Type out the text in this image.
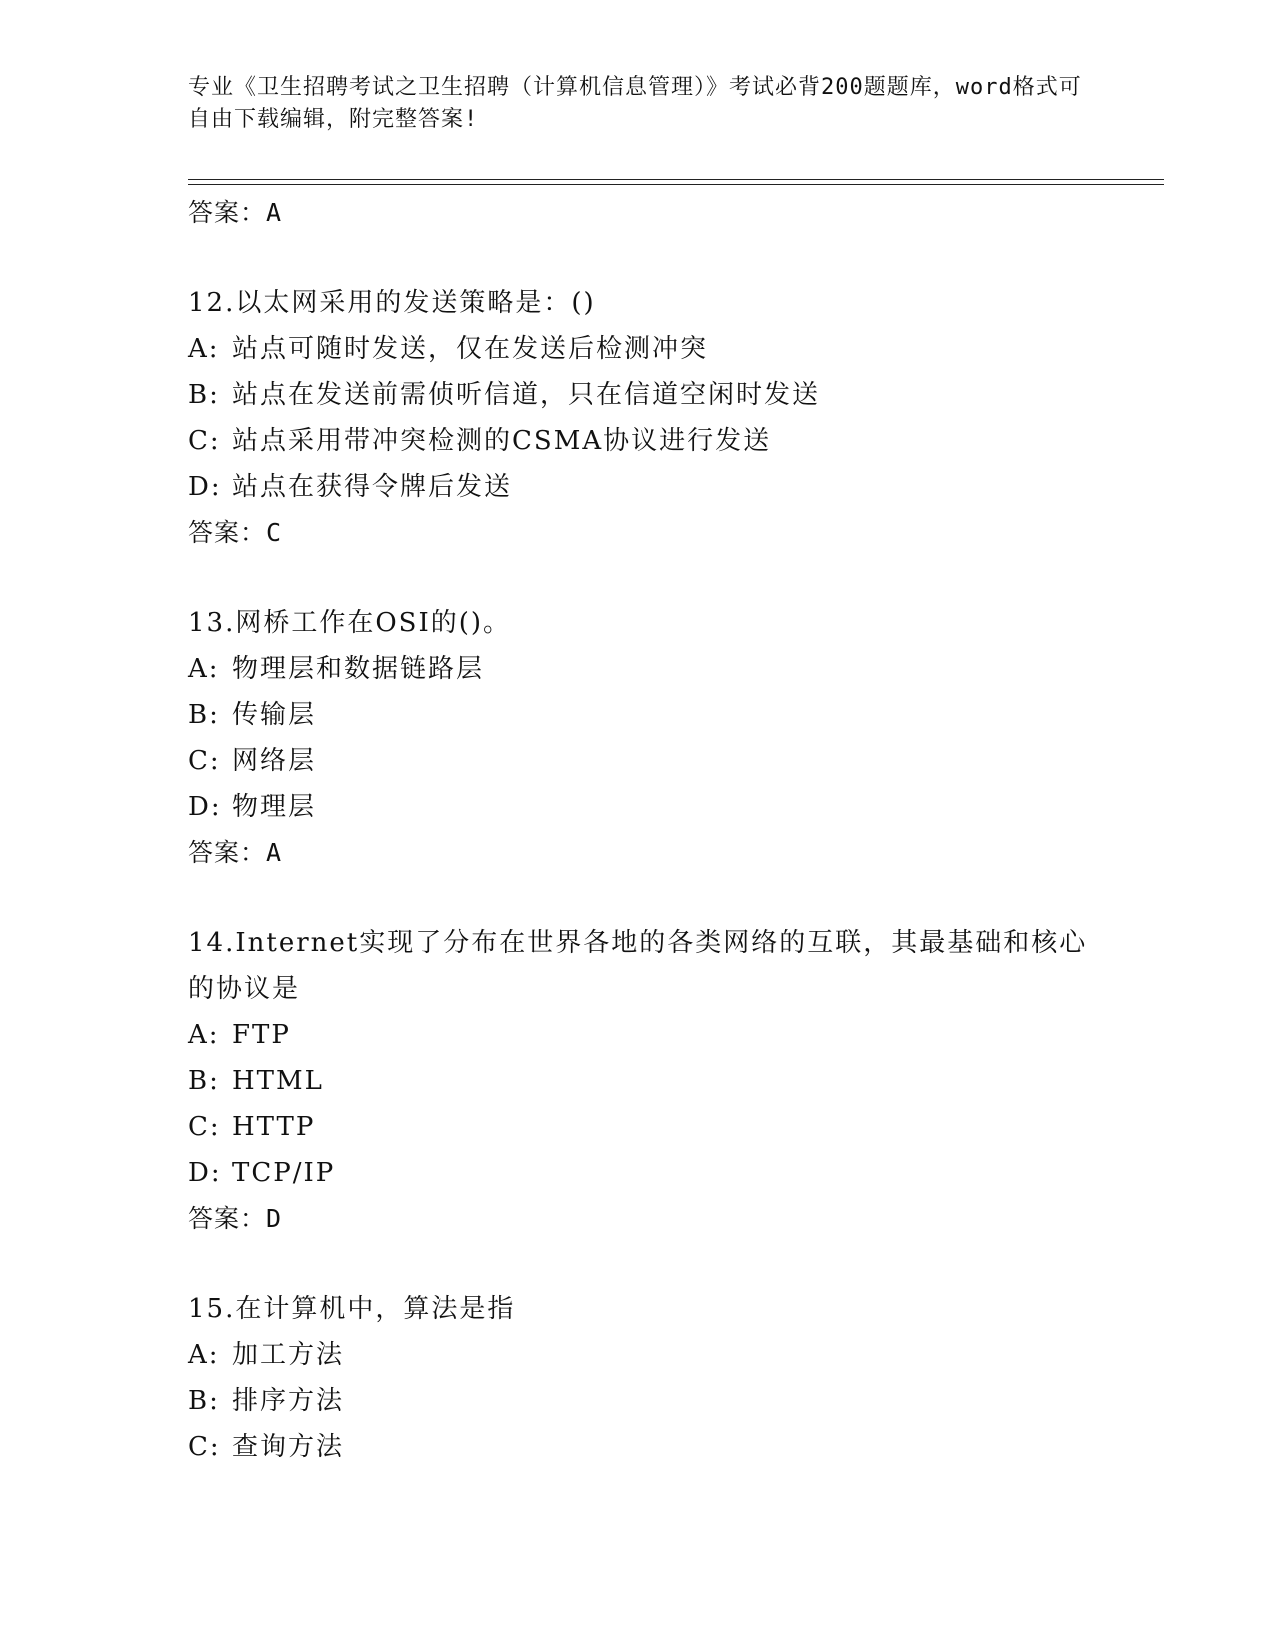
专业《卫生招聘考试之卫生招聘（计算机信息管理）》考试必背200题题库，word格式可自由下载编辑，附完整答案!
答案：A
12.以太网采用的发送策略是：()
A: 站点可随时发送，仅在发送后检测冲突
B: 站点在发送前需侦听信道，只在信道空闲时发送
C: 站点采用带冲突检测的CSMA协议进行发送
D: 站点在获得令牌后发送
答案：C
13.网桥工作在OSI的()。
A: 物理层和数据链路层
B: 传输层
C: 网络层
D: 物理层
答案：A
14.Internet实现了分布在世界各地的各类网络的互联，其最基础和核心的协议是
A: FTP
B: HTML
C: HTTP
D: TCP/IP
答案：D
15.在计算机中，算法是指
A: 加工方法
B: 排序方法
C: 查询方法
